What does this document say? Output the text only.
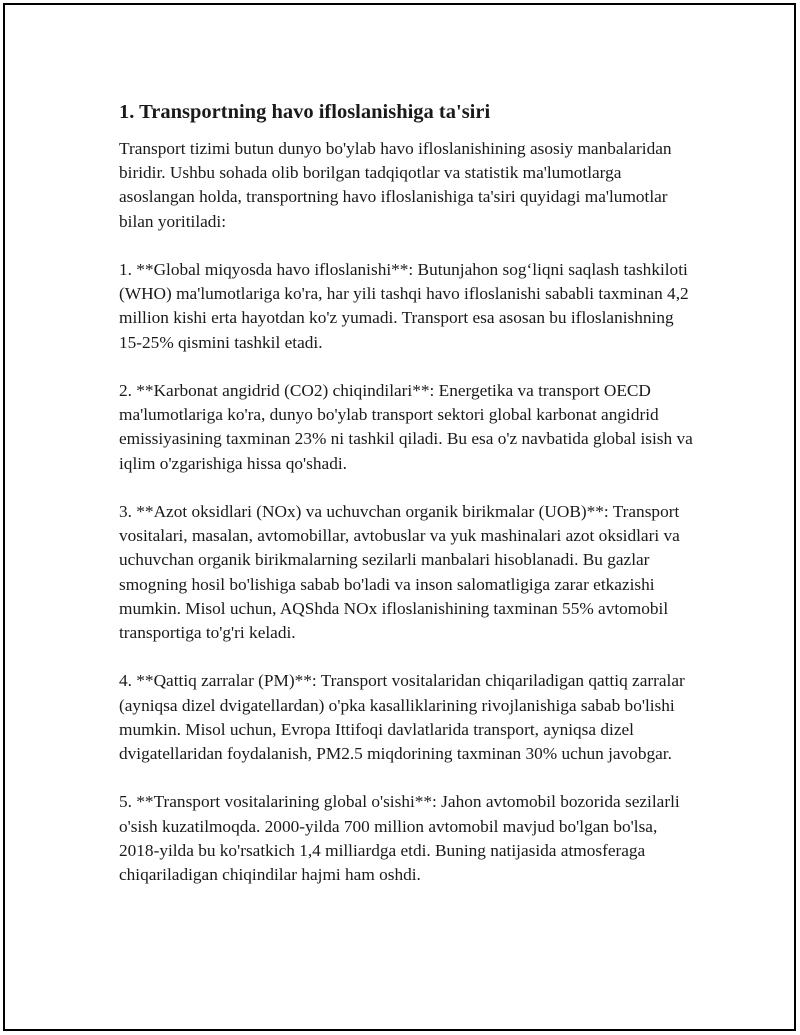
1. Transportning havo ifloslanishiga ta'siri

Transport tizimi butun dunyo bo'ylab havo ifloslanishining asosiy manbalaridan biridir. Ushbu sohada olib borilgan tadqiqotlar va statistik ma'lumotlarga asoslangan holda, transportning havo ifloslanishiga ta'siri quyidagi ma'lumotlar bilan yoritiladi:

1. **Global miqyosda havo ifloslanishi**: Butunjahon sog‘liqni saqlash tashkiloti (WHO) ma'lumotlariga ko'ra, har yili tashqi havo ifloslanishi sababli taxminan 4,2 million kishi erta hayotdan ko'z yumadi. Transport esa asosan bu ifloslanishning 15-25% qismini tashkil etadi.

2. **Karbonat angidrid (CO2) chiqindilari**: Energetika va transport OECD ma'lumotlariga ko'ra, dunyo bo'ylab transport sektori global karbonat angidrid emissiyasining taxminan 23% ni tashkil qiladi. Bu esa o'z navbatida global isish va iqlim o'zgarishiga hissa qo'shadi.

3. **Azot oksidlari (NOx) va uchuvchan organik birikmalar (UOB)**: Transport vositalari, masalan, avtomobillar, avtobuslar va yuk mashinalari azot oksidlari va uchuvchan organik birikmalarning sezilarli manbalari hisoblanadi. Bu gazlar smogning hosil bo'lishiga sabab bo'ladi va inson salomatligiga zarar etkazishi mumkin. Misol uchun, AQShda NOx ifloslanishining taxminan 55% avtomobil transportiga to'g'ri keladi.

4. **Qattiq zarralar (PM)**: Transport vositalaridan chiqariladigan qattiq zarralar (ayniqsa dizel dvigatellardan) o'pka kasalliklarining rivojlanishiga sabab bo'lishi mumkin. Misol uchun, Evropa Ittifoqi davlatlarida transport, ayniqsa dizel dvigatellaridan foydalanish, PM2.5 miqdorining taxminan 30% uchun javobgar.

5. **Transport vositalarining global o'sishi**: Jahon avtomobil bozorida sezilarli o'sish kuzatilmoqda. 2000-yilda 700 million avtomobil mavjud bo'lgan bo'lsa, 2018-yilda bu ko'rsatkich 1,4 milliardga etdi. Buning natijasida atmosferaga chiqariladigan chiqindilar hajmi ham oshdi.
